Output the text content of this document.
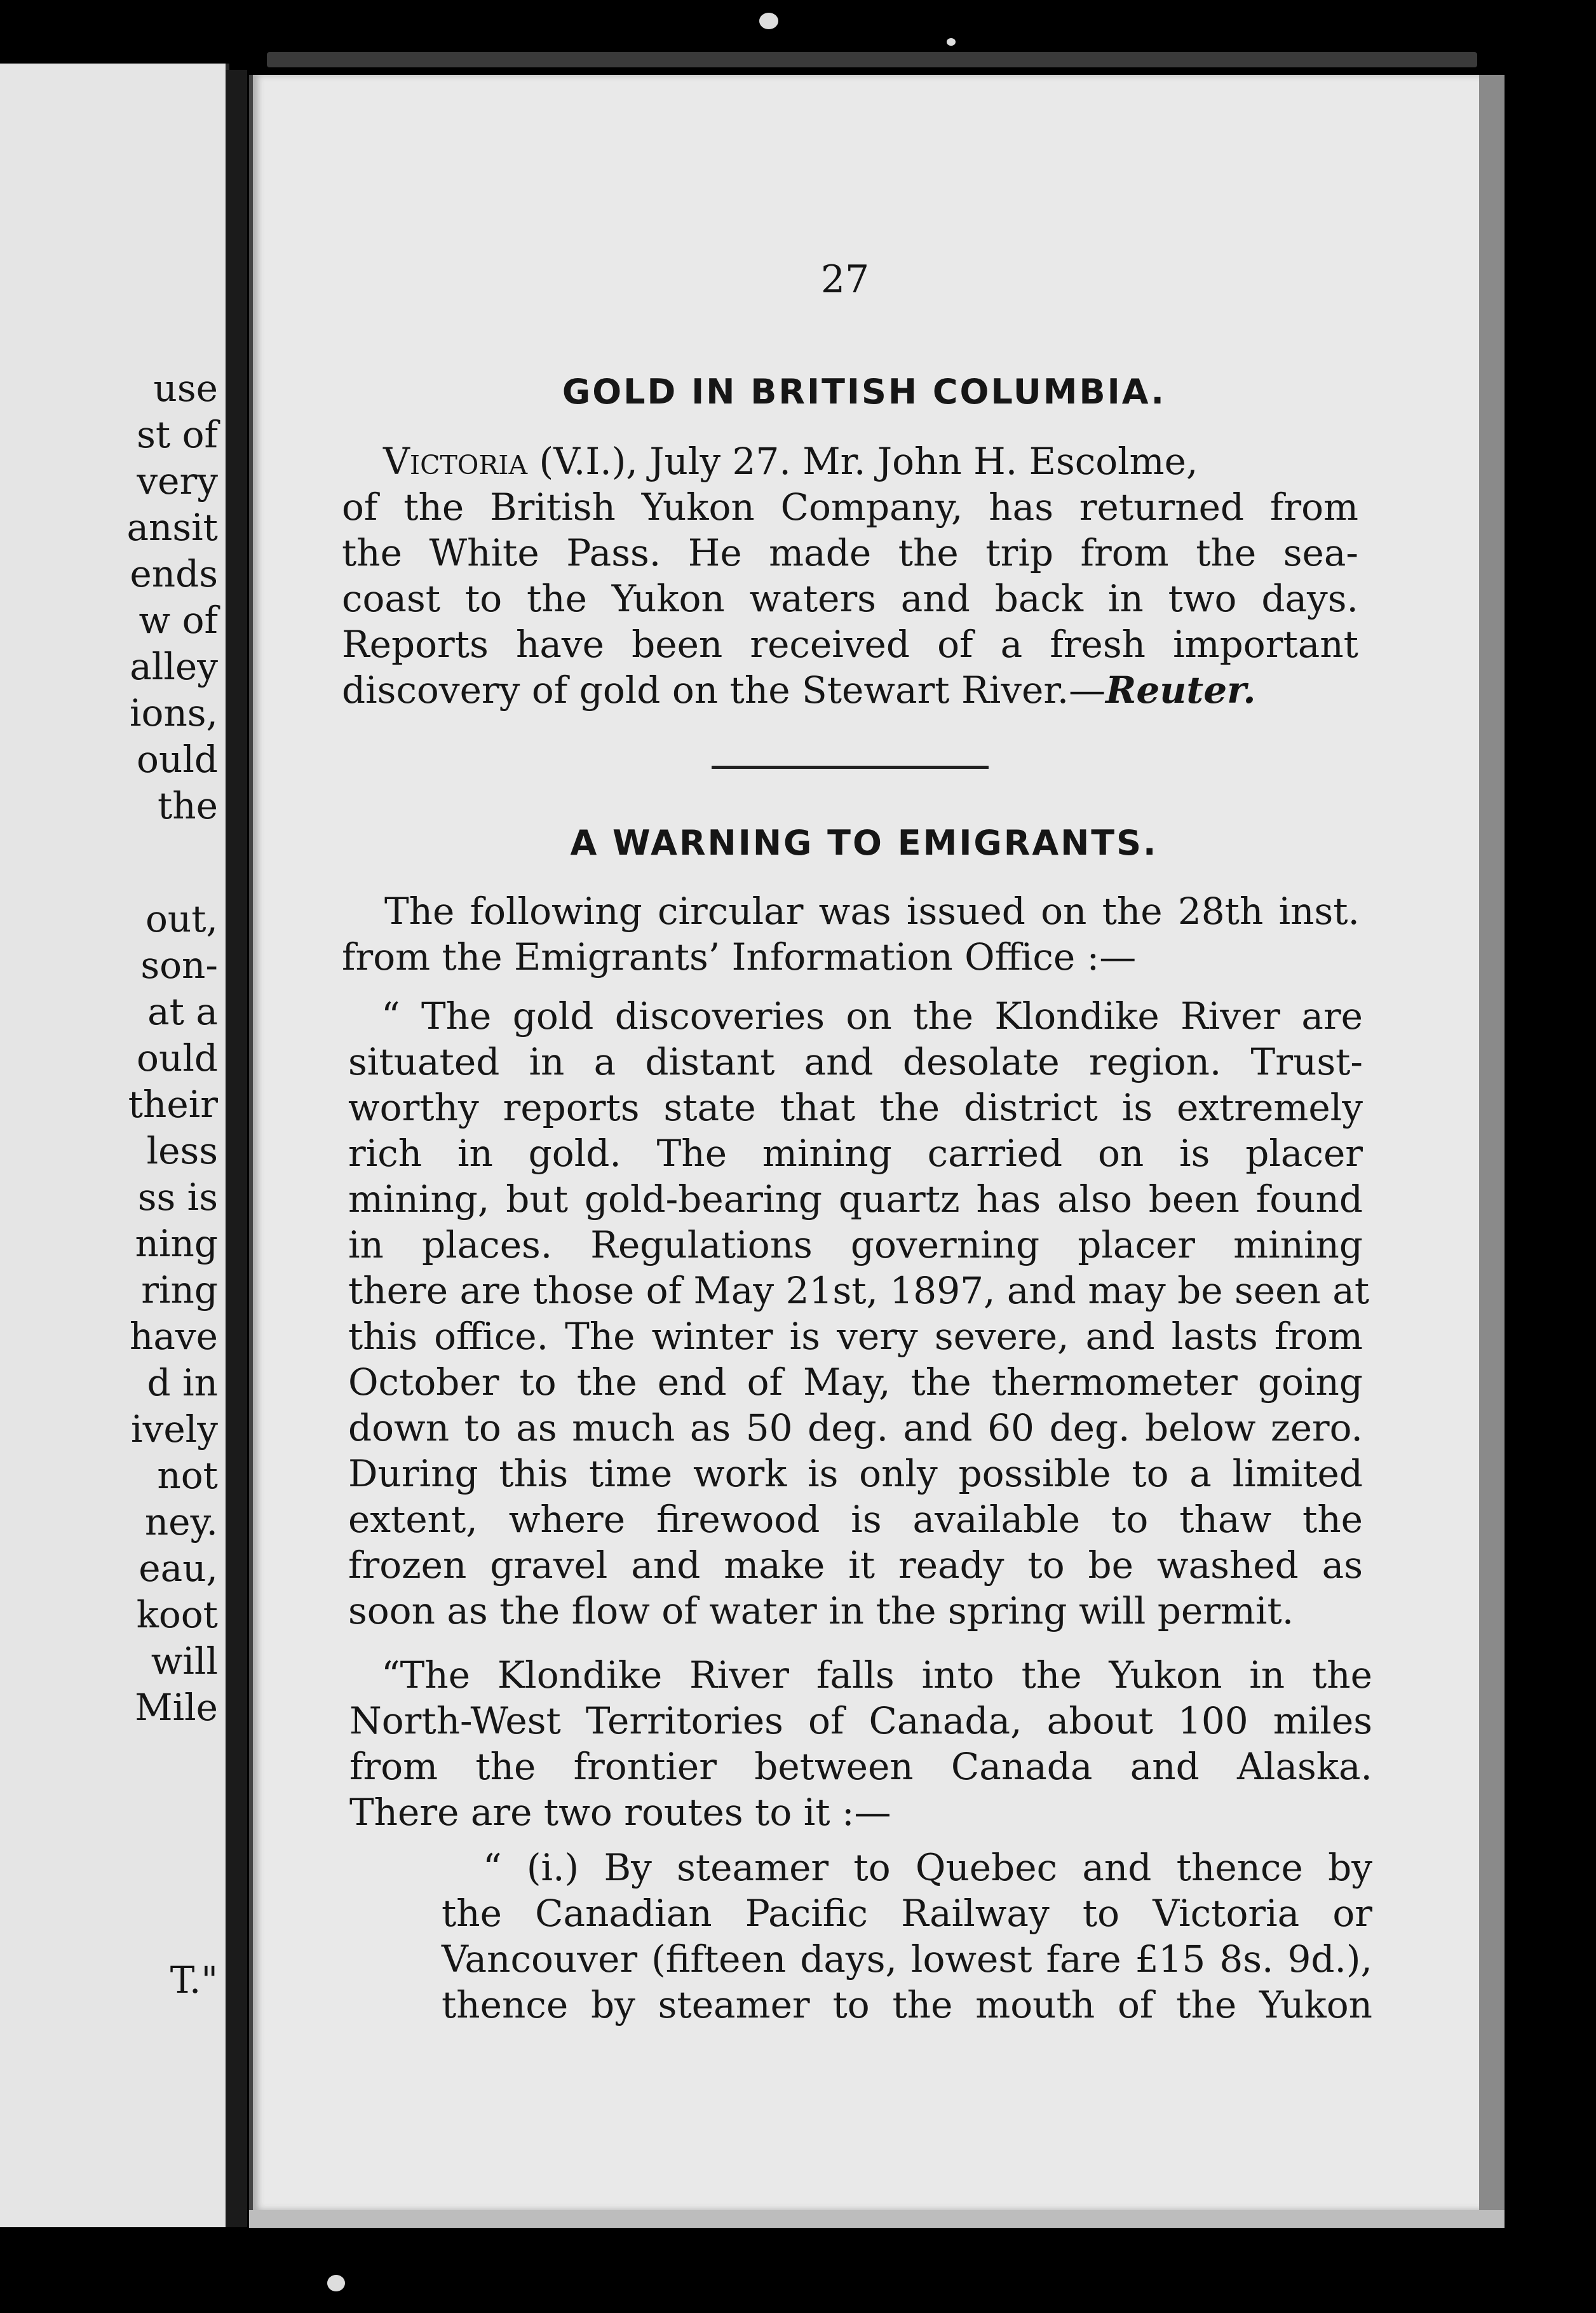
use

st of

very

ansit

ends

w of

alley

ions,

ould

the

out,

son-

at a

ould

their

less

ss is

ning

ring

have

d in

ively

not

ney.

eau,

koot

will

Mile

T."

27

GOLD IN BRITISH COLUMBIA.

Victoria (V.I.), July 27. Mr. John H. Escolme,

of the British Yukon Company, has returned from

the White Pass. He made the trip from the sea-

coast to the Yukon waters and back in two days.

Reports have been received of a fresh important

discovery of gold on the Stewart River.—Reuter.

A WARNING TO EMIGRANTS.

The following circular was issued on the 28th inst.

from the Emigrants’ Information Office :—

“ The gold discoveries on the Klondike River are

situated in a distant and desolate region. Trust-

worthy reports state that the district is extremely

rich in gold. The mining carried on is placer

mining, but gold-bearing quartz has also been found

in places. Regulations governing placer mining

there are those of May 21st, 1897, and may be seen at

this office. The winter is very severe, and lasts from

October to the end of May, the thermometer going

down to as much as 50 deg. and 60 deg. below zero.

During this time work is only possible to a limited

extent, where firewood is available to thaw the

frozen gravel and make it ready to be washed as

soon as the flow of water in the spring will permit.

“The Klondike River falls into the Yukon in the

North-West Territories of Canada, about 100 miles

from the frontier between Canada and Alaska.

There are two routes to it :—

“ (i.) By steamer to Quebec and thence by

the Canadian Pacific Railway to Victoria or

Vancouver (fifteen days, lowest fare £15 8s. 9d.),

thence by steamer to the mouth of the Yukon
